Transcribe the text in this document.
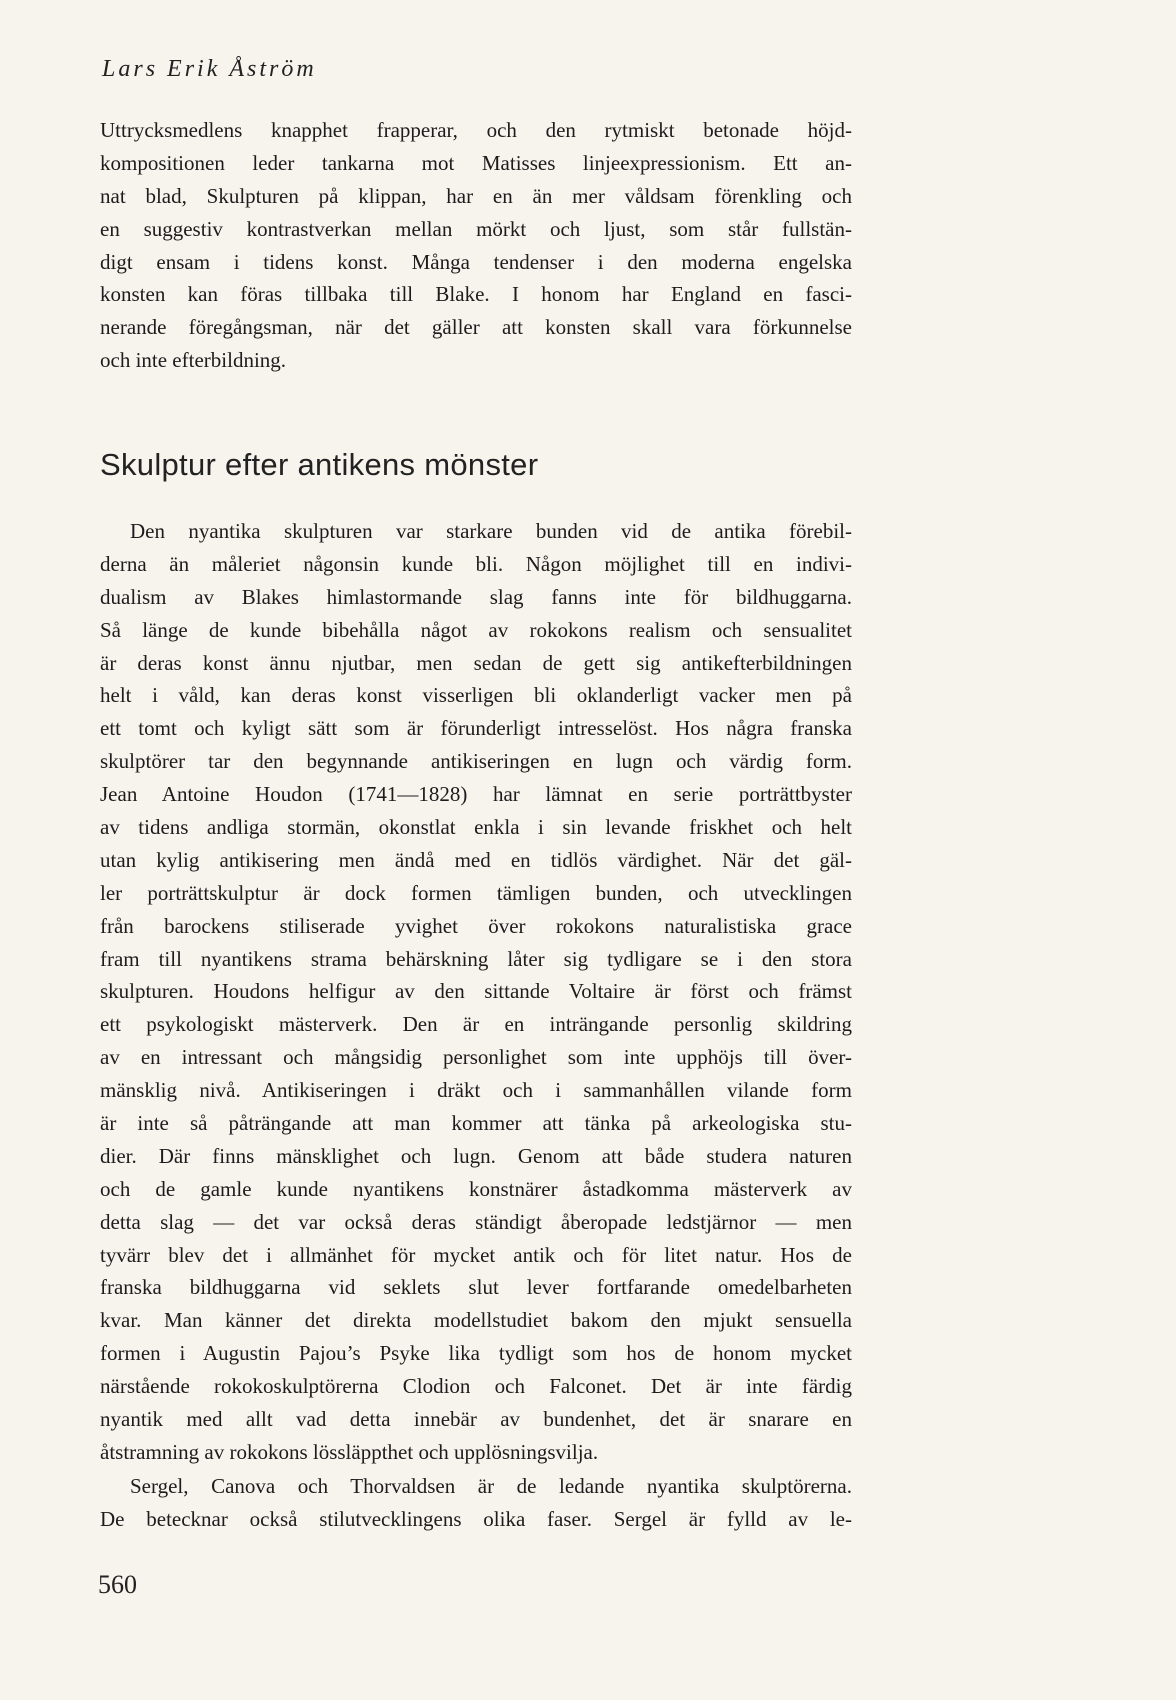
Lars Erik Åström
Uttrycksmedlens knapphet frapperar, och den rytmiskt betonade höjd-
kompositionen leder tankarna mot Matisses linjeexpressionism. Ett an-
nat blad, Skulpturen på klippan, har en än mer våldsam förenkling och
en suggestiv kontrastverkan mellan mörkt och ljust, som står fullstän-
digt ensam i tidens konst. Många tendenser i den moderna engelska
konsten kan föras tillbaka till Blake. I honom har England en fasci-
nerande föregångsman, när det gäller att konsten skall vara förkunnelse
och inte efterbildning.
Skulptur efter antikens mönster
Den nyantika skulpturen var starkare bunden vid de antika förebil-
derna än måleriet någonsin kunde bli. Någon möjlighet till en indivi-
dualism av Blakes himlastormande slag fanns inte för bildhuggarna.
Så länge de kunde bibehålla något av rokokons realism och sensualitet
är deras konst ännu njutbar, men sedan de gett sig antikefterbildningen
helt i våld, kan deras konst visserligen bli oklanderligt vacker men på
ett tomt och kyligt sätt som är förunderligt intresselöst. Hos några franska
skulptörer tar den begynnande antikiseringen en lugn och värdig form.
Jean Antoine Houdon (1741—1828) har lämnat en serie porträttbyster
av tidens andliga stormän, okonstlat enkla i sin levande friskhet och helt
utan kylig antikisering men ändå med en tidlös värdighet. När det gäl-
ler porträttskulptur är dock formen tämligen bunden, och utvecklingen
från barockens stiliserade yvighet över rokokons naturalistiska grace
fram till nyantikens strama behärskning låter sig tydligare se i den stora
skulpturen. Houdons helfigur av den sittande Voltaire är först och främst
ett psykologiskt mästerverk. Den är en inträngande personlig skildring
av en intressant och mångsidig personlighet som inte upphöjs till över-
mänsklig nivå. Antikiseringen i dräkt och i sammanhållen vilande form
är inte så påträngande att man kommer att tänka på arkeologiska stu-
dier. Där finns mänsklighet och lugn. Genom att både studera naturen
och de gamle kunde nyantikens konstnärer åstadkomma mästerverk av
detta slag — det var också deras ständigt åberopade ledstjärnor — men
tyvärr blev det i allmänhet för mycket antik och för litet natur. Hos de
franska bildhuggarna vid seklets slut lever fortfarande omedelbarheten
kvar. Man känner det direkta modellstudiet bakom den mjukt sensuella
formen i Augustin Pajou’s Psyke lika tydligt som hos de honom mycket
närstående rokokoskulptörerna Clodion och Falconet. Det är inte färdig
nyantik med allt vad detta innebär av bundenhet, det är snarare en
åtstramning av rokokons lössläppthet och upplösningsvilja.
Sergel, Canova och Thorvaldsen är de ledande nyantika skulptörerna.
De betecknar också stilutvecklingens olika faser. Sergel är fylld av le-
560
